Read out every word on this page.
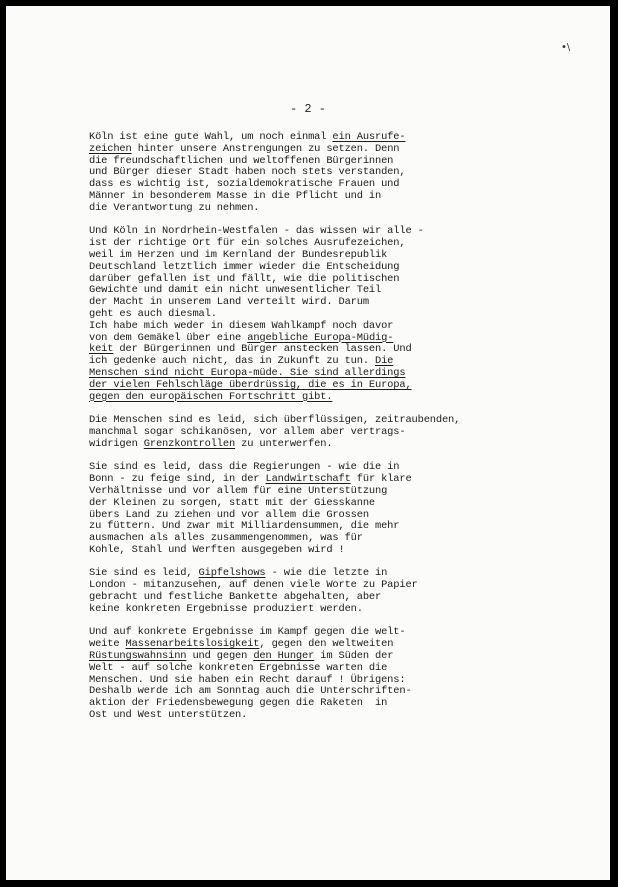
•\
- 2 -
Köln ist eine gute Wahl, um noch einmal ein Ausrufe-
zeichen hinter unsere Anstrengungen zu setzen. Denn
die freundschaftlichen und weltoffenen Bürgerinnen
und Bürger dieser Stadt haben noch stets verstanden,
dass es wichtig ist, sozialdemokratische Frauen und
Männer in besonderem Masse in die Pflicht und in
die Verantwortung zu nehmen.
Und Köln in Nordrhein-Westfalen - das wissen wir alle -
ist der richtige Ort für ein solches Ausrufezeichen,
weil im Herzen und im Kernland der Bundesrepublik
Deutschland letztlich immer wieder die Entscheidung
darüber gefallen ist und fällt, wie die politischen
Gewichte und damit ein nicht unwesentlicher Teil
der Macht in unserem Land verteilt wird. Darum
geht es auch diesmal.
Ich habe mich weder in diesem Wahlkampf noch davor
von dem Gemäkel über eine angebliche Europa-Müdig-
keit der Bürgerinnen und Bürger anstecken lassen. Und
ich gedenke auch nicht, das in Zukunft zu tun. Die
Menschen sind nicht Europa-müde. Sie sind allerdings
der vielen Fehlschläge überdrüssig, die es in Europa,
gegen den europäischen Fortschritt gibt.
Die Menschen sind es leid, sich überflüssigen, zeitraubenden,
manchmal sogar schikanösen, vor allem aber vertrags-
widrigen Grenzkontrollen zu unterwerfen.
Sie sind es leid, dass die Regierungen - wie die in
Bonn - zu feige sind, in der Landwirtschaft für klare
Verhältnisse und vor allem für eine Unterstützung
der Kleinen zu sorgen, statt mit der Giesskanne
übers Land zu ziehen und vor allem die Grossen
zu füttern. Und zwar mit Milliardensummen, die mehr
ausmachen als alles zusammengenommen, was für
Kohle, Stahl und Werften ausgegeben wird !
Sie sind es leid, Gipfelshows - wie die letzte in
London - mitanzusehen, auf denen viele Worte zu Papier
gebracht und festliche Bankette abgehalten, aber
keine konkreten Ergebnisse produziert werden.
Und auf konkrete Ergebnisse im Kampf gegen die welt-
weite Massenarbeitslosigkeit, gegen den weltweiten
Rüstungswahnsinn und gegen den Hunger im Süden der
Welt - auf solche konkreten Ergebnisse warten die
Menschen. Und sie haben ein Recht darauf ! Übrigens:
Deshalb werde ich am Sonntag auch die Unterschriften-
aktion der Friedensbewegung gegen die Raketen  in
Ost und West unterstützen.
